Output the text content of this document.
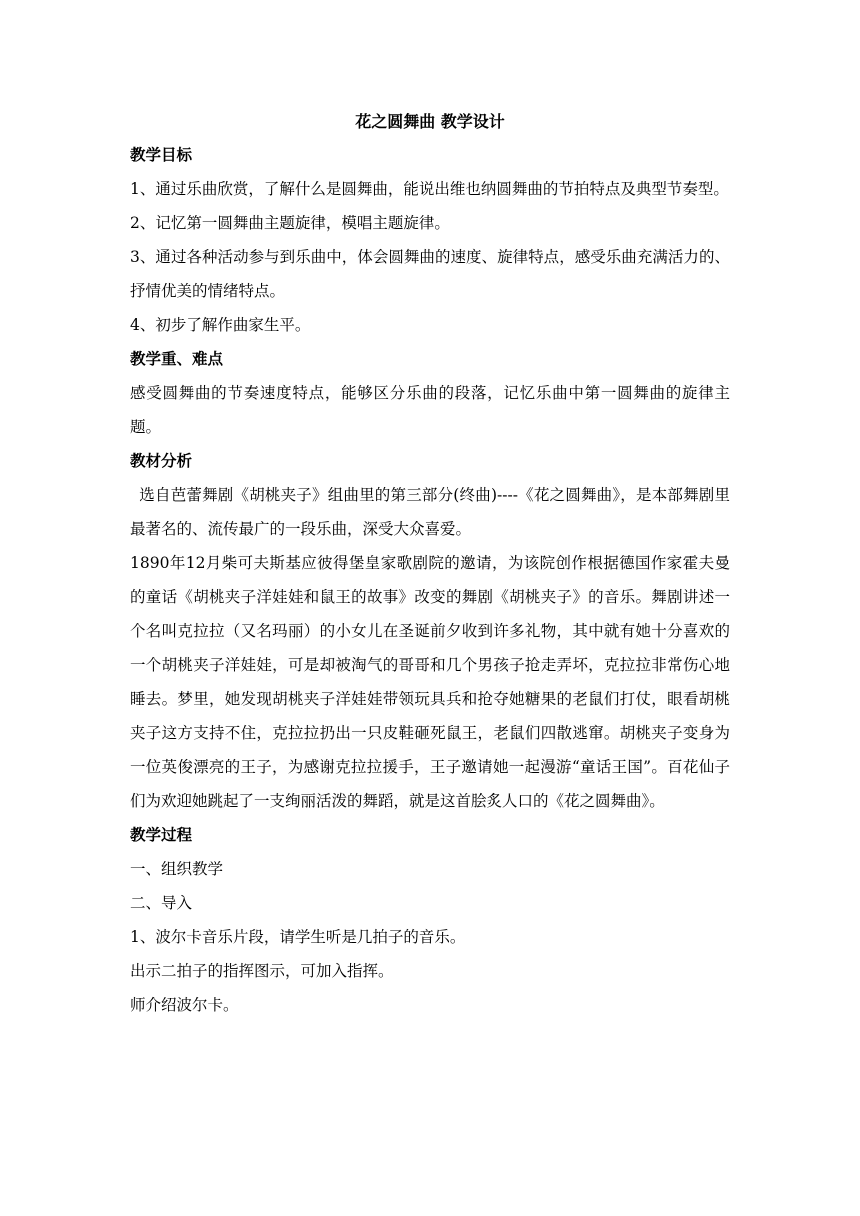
花之圆舞曲 教学设计

教学目标

1、通过乐曲欣赏，了解什么是圆舞曲，能说出维也纳圆舞曲的节拍特点及典型节奏型。

2、记忆第一圆舞曲主题旋律，模唱主题旋律。

3、通过各种活动参与到乐曲中，体会圆舞曲的速度、旋律特点，感受乐曲充满活力的、抒情优美的情绪特点。

4、初步了解作曲家生平。

教学重、难点

感受圆舞曲的节奏速度特点，能够区分乐曲的段落，记忆乐曲中第一圆舞曲的旋律主题。

教材分析

选自芭蕾舞剧《胡桃夹子》组曲里的第三部分(终曲)----《花之圆舞曲》，是本部舞剧里最著名的、流传最广的一段乐曲，深受大众喜爱。

1890年12月柴可夫斯基应彼得堡皇家歌剧院的邀请，为该院创作根据德国作家霍夫曼的童话《胡桃夹子洋娃娃和鼠王的故事》改变的舞剧《胡桃夹子》的音乐。舞剧讲述一个名叫克拉拉（又名玛丽）的小女儿在圣诞前夕收到许多礼物，其中就有她十分喜欢的一个胡桃夹子洋娃娃，可是却被淘气的哥哥和几个男孩子抢走弄坏，克拉拉非常伤心地睡去。梦里，她发现胡桃夹子洋娃娃带领玩具兵和抢夺她糖果的老鼠们打仗，眼看胡桃夹子这方支持不住，克拉拉扔出一只皮鞋砸死鼠王，老鼠们四散逃窜。胡桃夹子变身为一位英俊漂亮的王子，为感谢克拉拉援手，王子邀请她一起漫游“童话王国”。百花仙子们为欢迎她跳起了一支绚丽活泼的舞蹈，就是这首脍炙人口的《花之圆舞曲》。

教学过程

一、组织教学

二、导入

1、波尔卡音乐片段，请学生听是几拍子的音乐。

出示二拍子的指挥图示，可加入指挥。

师介绍波尔卡。
